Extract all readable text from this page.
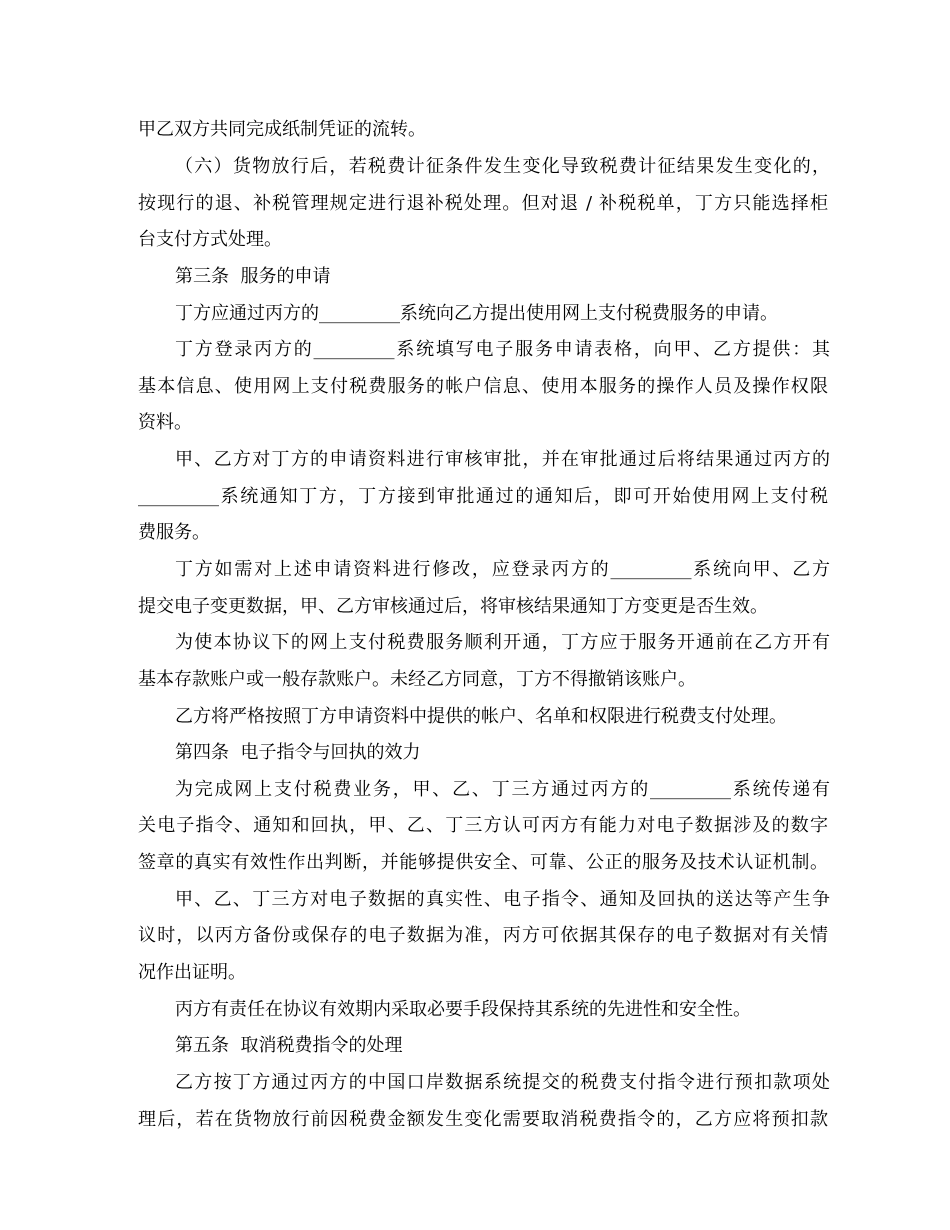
甲乙双方共同完成纸制凭证的流转。
（六）货物放行后，若税费计征条件发生变化导致税费计征结果发生变化的，
按现行的退、补税管理规定进行退补税处理。但对退 / 补税税单，丁方只能选择柜
台支付方式处理。
第三条  服务的申请
丁方应通过丙方的_________系统向乙方提出使用网上支付税费服务的申请。
丁方登录丙方的_________系统填写电子服务申请表格，向甲、乙方提供：其
基本信息、使用网上支付税费服务的帐户信息、使用本服务的操作人员及操作权限
资料。
甲、乙方对丁方的申请资料进行审核审批，并在审批通过后将结果通过丙方的
_________系统通知丁方，丁方接到审批通过的通知后，即可开始使用网上支付税
费服务。
丁方如需对上述申请资料进行修改，应登录丙方的_________系统向甲、乙方
提交电子变更数据，甲、乙方审核通过后，将审核结果通知丁方变更是否生效。
为使本协议下的网上支付税费服务顺利开通，丁方应于服务开通前在乙方开有
基本存款账户或一般存款账户。未经乙方同意，丁方不得撤销该账户。
乙方将严格按照丁方申请资料中提供的帐户、名单和权限进行税费支付处理。
第四条  电子指令与回执的效力
为完成网上支付税费业务，甲、乙、丁三方通过丙方的_________系统传递有
关电子指令、通知和回执，甲、乙、丁三方认可丙方有能力对电子数据涉及的数字
签章的真实有效性作出判断，并能够提供安全、可靠、公正的服务及技术认证机制。
甲、乙、丁三方对电子数据的真实性、电子指令、通知及回执的送达等产生争
议时，以丙方备份或保存的电子数据为准，丙方可依据其保存的电子数据对有关情
况作出证明。
丙方有责任在协议有效期内采取必要手段保持其系统的先进性和安全性。
第五条  取消税费指令的处理
乙方按丁方通过丙方的中国口岸数据系统提交的税费支付指令进行预扣款项处
理后，若在货物放行前因税费金额发生变化需要取消税费指令的，乙方应将预扣款
